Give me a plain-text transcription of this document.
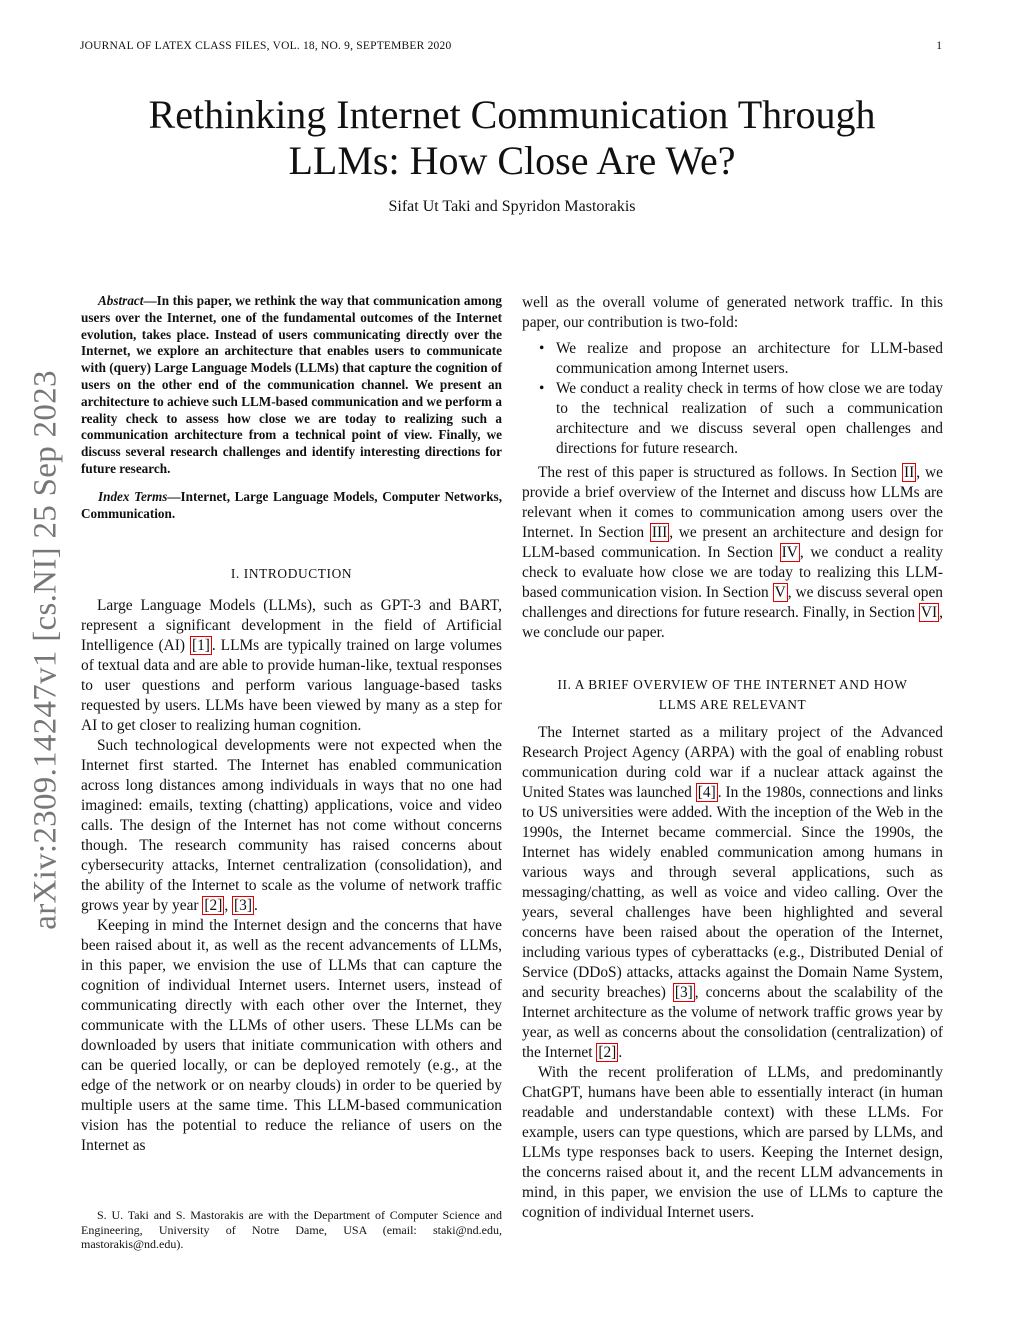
JOURNAL OF LATEX CLASS FILES, VOL. 18, NO. 9, SEPTEMBER 2020	1
Rethinking Internet Communication Through
LLMs: How Close Are We?
Sifat Ut Taki and Spyridon Mastorakis
arXiv:2309.14247v1 [cs.NI] 25 Sep 2023

Abstract—In this paper, we rethink the way that communication among users over the Internet, one of the fundamental outcomes of the Internet evolution, takes place. Instead of users communicating directly over the Internet, we explore an architecture that enables users to communicate with (query) Large Language Models (LLMs) that capture the cognition of users on the other end of the communication channel. We present an architecture to achieve such LLM-based communication and we perform a reality check to assess how close we are today to realizing such a communication architecture from a technical point of view. Finally, we discuss several research challenges and identify interesting directions for future research.

Index Terms—Internet, Large Language Models, Computer Networks, Communication.

I. INTRODUCTION

Large Language Models (LLMs), such as GPT-3 and BART, represent a significant development in the field of Artificial Intelligence (AI) [1] . LLMs are typically trained on large volumes of textual data and are able to provide human-like, textual responses to user questions and perform various language-based tasks requested by users. LLMs have been viewed by many as a step for AI to get closer to realizing human cognition.

Such technological developments were not expected when the Internet first started. The Internet has enabled communication across long distances among individuals in ways that no one had imagined: emails, texting (chatting) applications, voice and video calls. The design of the Internet has not come without concerns though. The research community has raised concerns about cybersecurity attacks, Internet centralization (consolidation), and the ability of the Internet to scale as the volume of network traffic grows year by year [2] , [3] .

Keeping in mind the Internet design and the concerns that have been raised about it, as well as the recent advancements of LLMs, in this paper, we envision the use of LLMs that can capture the cognition of individual Internet users. Internet users, instead of communicating directly with each other over the Internet, they communicate with the LLMs of other users. These LLMs can be downloaded by users that initiate communication with others and can be queried locally, or can be deployed remotely (e.g., at the edge of the network or on nearby clouds) in order to be queried by multiple users at the same time. This LLM-based communication vision has the potential to reduce the reliance of users on the Internet as

S. U. Taki and S. Mastorakis are with the Department of Computer Science and Engineering, University of Notre Dame, USA (email: staki@nd.edu, mastorakis@nd.edu).

well as the overall volume of generated network traffic. In this paper, our contribution is two-fold:

• We realize and propose an architecture for LLM-based communication among Internet users.
• We conduct a reality check in terms of how close we are today to the technical realization of such a communication architecture and we discuss several open challenges and directions for future research.

The rest of this paper is structured as follows. In Section II , we provide a brief overview of the Internet and discuss how LLMs are relevant when it comes to communication among users over the Internet. In Section III , we present an architecture and design for LLM-based communication. In Section IV , we conduct a reality check to evaluate how close we are today to realizing this LLM-based communication vision. In Section V , we discuss several open challenges and directions for future research. Finally, in Section VI , we conclude our paper.

II. A BRIEF OVERVIEW OF THE INTERNET AND HOW
LLMS ARE RELEVANT

The Internet started as a military project of the Advanced Research Project Agency (ARPA) with the goal of enabling robust communication during cold war if a nuclear attack against the United States was launched [4] . In the 1980s, connections and links to US universities were added. With the inception of the Web in the 1990s, the Internet became commercial. Since the 1990s, the Internet has widely enabled communication among humans in various ways and through several applications, such as messaging/chatting, as well as voice and video calling. Over the years, several challenges have been highlighted and several concerns have been raised about the operation of the Internet, including various types of cyberattacks (e.g., Distributed Denial of Service (DDoS) attacks, attacks against the Domain Name System, and security breaches) [3] , concerns about the scalability of the Internet architecture as the volume of network traffic grows year by year, as well as concerns about the consolidation (centralization) of the Internet [2] .

With the recent proliferation of LLMs, and predominantly ChatGPT, humans have been able to essentially interact (in human readable and understandable context) with these LLMs. For example, users can type questions, which are parsed by LLMs, and LLMs type responses back to users. Keeping the Internet design, the concerns raised about it, and the recent LLM advancements in mind, in this paper, we envision the use of LLMs to capture the cognition of individual Internet users.
